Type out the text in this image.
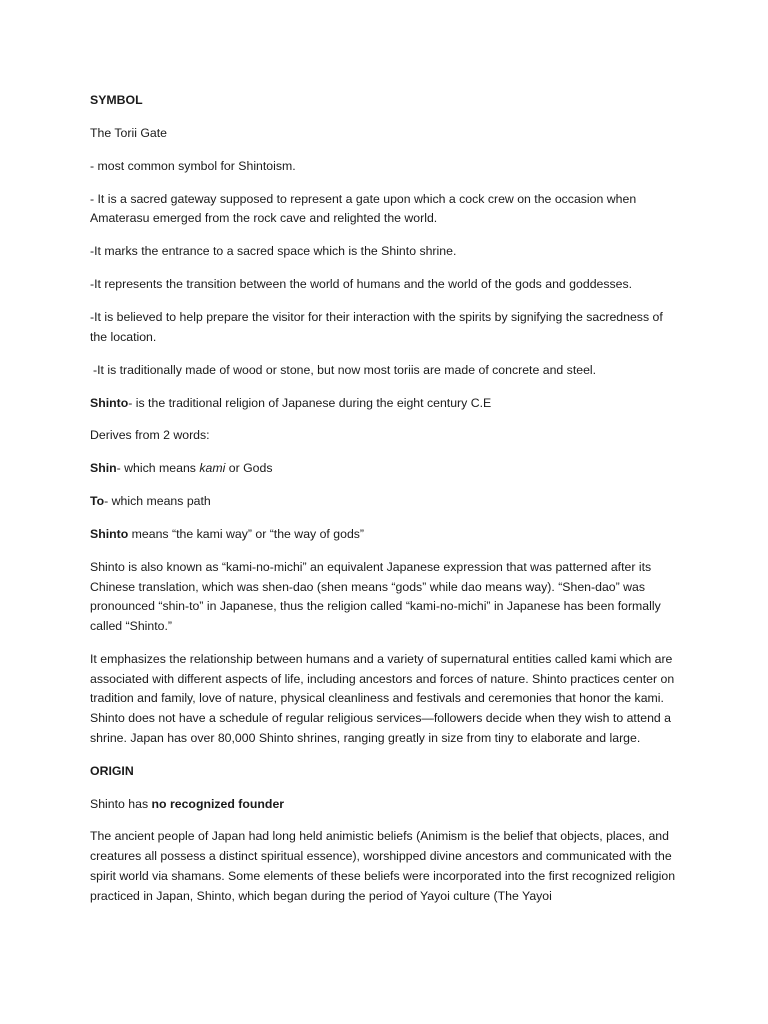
SYMBOL

The Torii Gate

- most common symbol for Shintoism.

- It is a sacred gateway supposed to represent a gate upon which a cock crew on the occasion when Amaterasu emerged from the rock cave and relighted the world.

-It marks the entrance to a sacred space which is the Shinto shrine.

-It represents the transition between the world of humans and the world of the gods and goddesses.

-It is believed to help prepare the visitor for their interaction with the spirits by signifying the sacredness of the location.

-It is traditionally made of wood or stone, but now most toriis are made of concrete and steel.

Shinto- is the traditional religion of Japanese during the eight century C.E

Derives from 2 words:

Shin- which means kami or Gods

To- which means path

Shinto means “the kami way” or “the way of gods”

Shinto is also known as “kami-no-michi” an equivalent Japanese expression that was patterned after its Chinese translation, which was shen-dao (shen means “gods” while dao means way). “Shen-dao” was pronounced “shin-to” in Japanese, thus the religion called “kami-no-michi” in Japanese has been formally called “Shinto.”

It emphasizes the relationship between humans and a variety of supernatural entities called kami which are associated with different aspects of life, including ancestors and forces of nature. Shinto practices center on tradition and family, love of nature, physical cleanliness and festivals and ceremonies that honor the kami. Shinto does not have a schedule of regular religious services—followers decide when they wish to attend a shrine. Japan has over 80,000 Shinto shrines, ranging greatly in size from tiny to elaborate and large.

ORIGIN

Shinto has no recognized founder

The ancient people of Japan had long held animistic beliefs (Animism is the belief that objects, places, and creatures all possess a distinct spiritual essence), worshipped divine ancestors and communicated with the spirit world via shamans. Some elements of these beliefs were incorporated into the first recognized religion practiced in Japan, Shinto, which began during the period of Yayoi culture (The Yayoi
